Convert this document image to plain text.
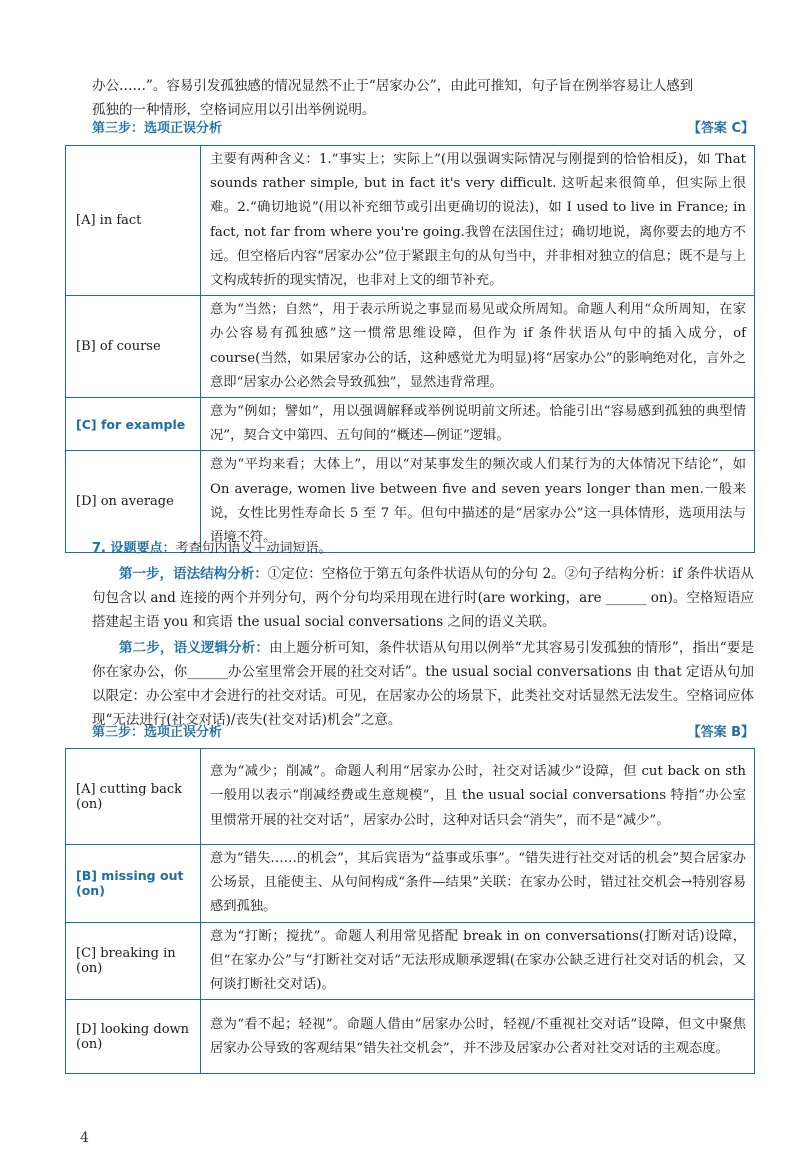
办公……”。容易引发孤独感的情况显然不止于“居家办公”，由此可推知，句子旨在例举容易让人感到
孤独的一种情形，空格词应用以引出举例说明。

第三步：选项正误分析	【答案 C】
[A] in fact	主要有两种含义：1.“事实上；实际上”(用以强调实际情况与刚提到的恰恰相反)，如 That sounds rather simple, but in fact it's very difficult. 这听起来很简单，但实际上很难。2.“确切地说”(用以补充细节或引出更确切的说法)，如 I used to live in France; in fact, not far from where you're going.我曾在法国住过；确切地说，离你要去的地方不远。但空格后内容“居家办公”位于紧跟主句的从句当中，并非相对独立的信息；既不是与上文构成转折的现实情况，也非对上文的细节补充。
[B] of course	意为“当然；自然”，用于表示所说之事显而易见或众所周知。命题人利用“众所周知，在家办公容易有孤独感”这一惯常思维设障，但作为 if 条件状语从句中的插入成分，of course(当然，如果居家办公的话，这种感觉尤为明显)将“居家办公”的影响绝对化，言外之意即“居家办公必然会导致孤独”，显然违背常理。
[C] for example	意为“例如；譬如”，用以强调解释或举例说明前文所述。恰能引出“容易感到孤独的典型情况”，契合文中第四、五句间的“概述—例证”逻辑。
[D] on average	意为“平均来看；大体上”，用以“对某事发生的频次或人们某行为的大体情况下结论”，如 On average, women live between five and seven years longer than men.一般来说，女性比男性寿命长 5 至 7 年。但句中描述的是“居家办公”这一具体情形，选项用法与语境不符。
7. 设题要点：考查句内语义＋动词短语。

第一步，语法结构分析：①定位：空格位于第五句条件状语从句的分句 2。②句子结构分析：if 条件状语从句包含以 and 连接的两个并列分句，两个分句均采用现在进行时(are working，are ______ on)。空格短语应搭建起主语 you 和宾语 the usual social conversations 之间的语义关联。

第二步，语义逻辑分析：由上题分析可知，条件状语从句用以例举“尤其容易引发孤独的情形”，指出“要是你在家办公，你______办公室里常会开展的社交对话”。the usual social conversations 由 that 定语从句加以限定：办公室中才会进行的社交对话。可见，在居家办公的场景下，此类社交对话显然无法发生。空格词应体现“无法进行(社交对话)/丧失(社交对话)机会”之意。

第三步：选项正误分析	【答案 B】
[A] cutting back (on)	意为“减少；削减”。命题人利用“居家办公时，社交对话减少”设障，但 cut back on sth 一般用以表示“削减经费或生意规模”，且 the usual social conversations 特指“办公室里惯常开展的社交对话”，居家办公时，这种对话只会“消失”，而不是“减少”。
[B] missing out (on)	意为“错失……的机会”，其后宾语为“益事或乐事”。“错失进行社交对话的机会”契合居家办公场景，且能使主、从句间构成“条件—结果”关联：在家办公时，错过社交机会→特别容易感到孤独。
[C] breaking in (on)	意为“打断；搅扰”。命题人利用常见搭配 break in on conversations(打断对话)设障，但“在家办公”与“打断社交对话”无法形成顺承逻辑(在家办公缺乏进行社交对话的机会，又何谈打断社交对话)。
[D] looking down (on)	意为“看不起；轻视”。命题人借由“居家办公时，轻视/不重视社交对话”设障，但文中聚焦居家办公导致的客观结果“错失社交机会”，并不涉及居家办公者对社交对话的主观态度。
4
